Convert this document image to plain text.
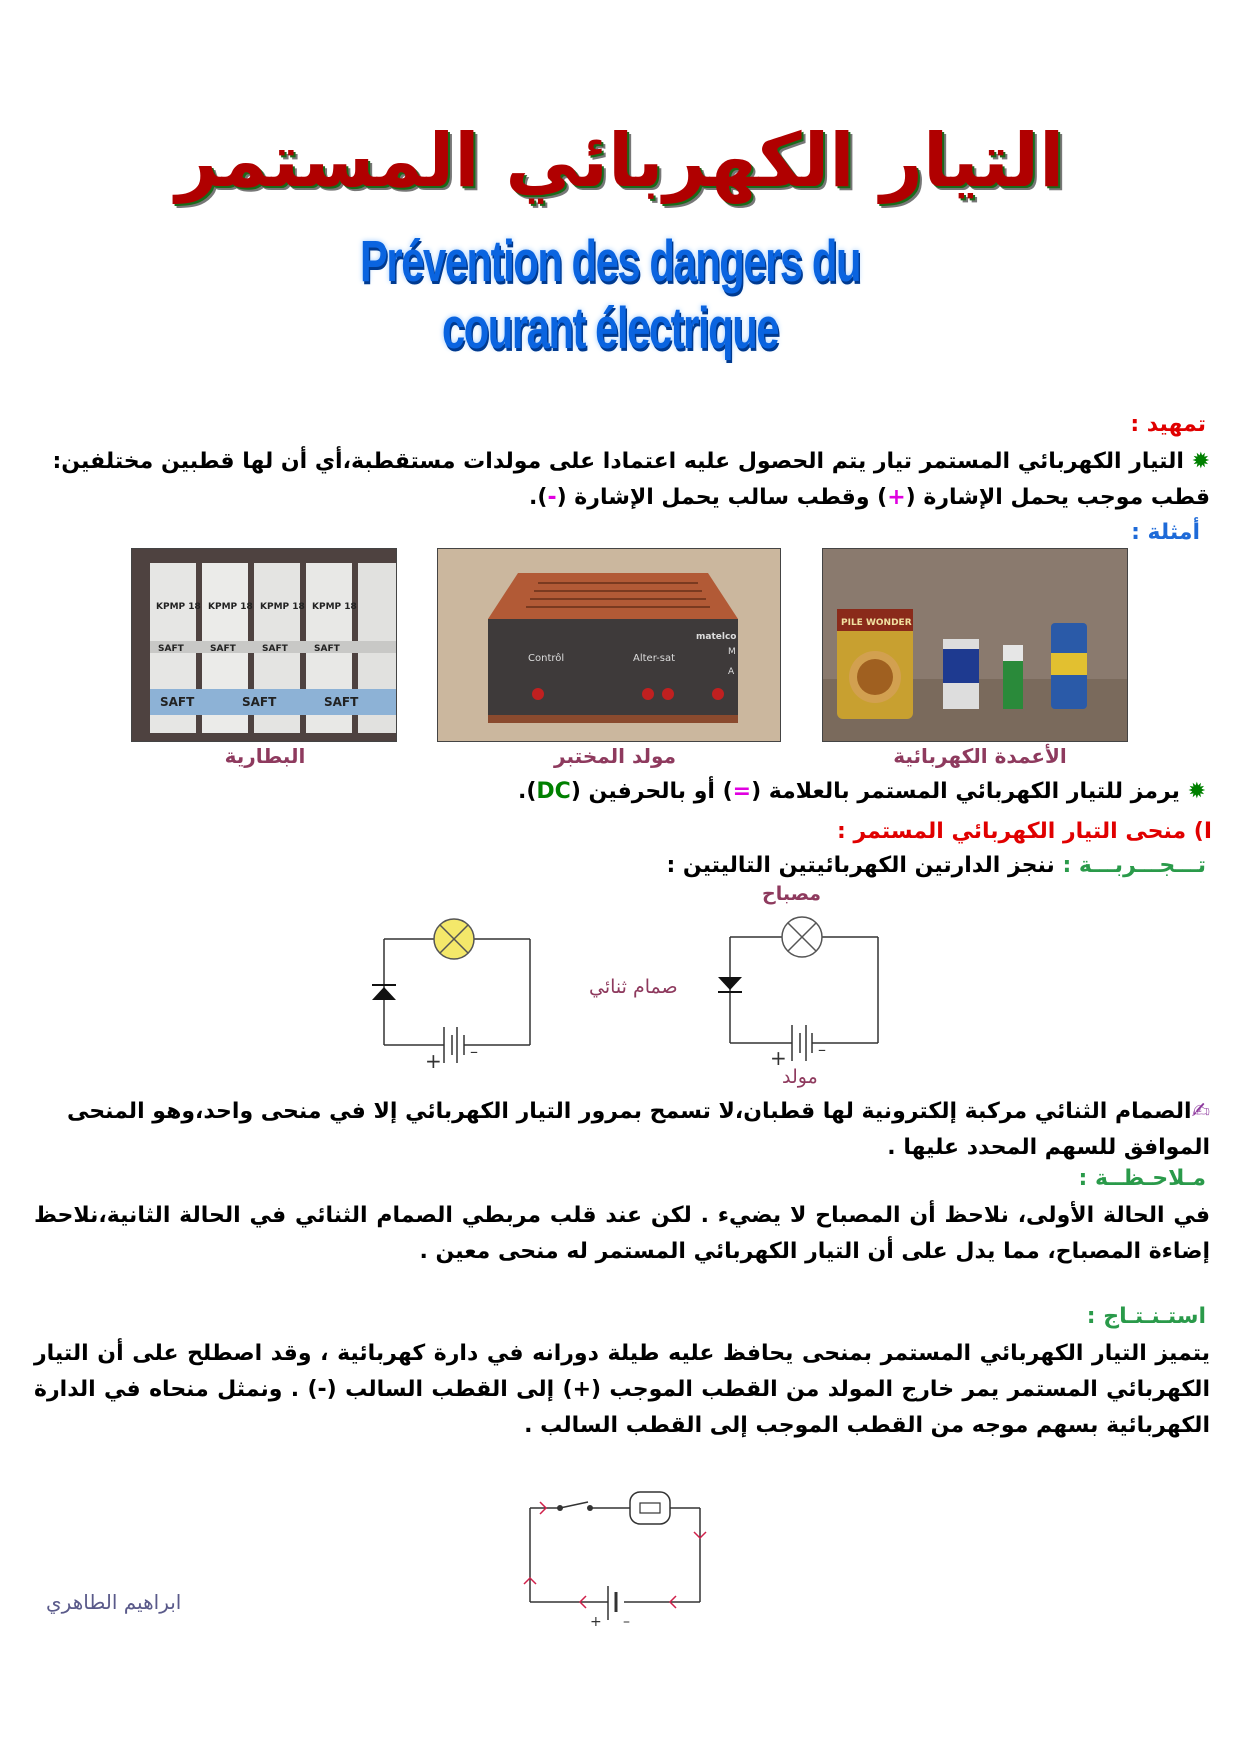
التيار الكهربائي المستمر
Prévention des dangers du courant électrique
تمهيد :
✹ التيار الكهربائي المستمر تيار يتم الحصول عليه اعتمادا على مولدات مستقطبة،أي أن لها قطبين مختلفين: قطب موجب يحمل الإشارة (+) وقطب سالب يحمل الإشارة (-).
أمثلة :
KPMP 18 KPMP 18 KPMP 18 KPMP 18
SAFT	SAFT	SAFT	SAFT
SAFT	SAFT	SAFT
Contrôl	Alter-sat
matelco
M
A
PILE WONDER
البطارية	مولد المختبر	الأعمدة الكهربائية
✹ يرمز للتيار الكهربائي المستمر بالعلامة (=) أو بالحرفين (DC).
I) منحى التيار الكهربائي المستمر :
تـــجـــربـــة : ننجز الدارتين الكهربائيتين التاليتين :
مصباح
صمام ثنائي
مولد
+ –	+ –
✍الصمام الثنائي مركبة إلكترونية لها قطبان،لا تسمح بمرور التيار الكهربائي إلا في منحى واحد،وهو المنحى الموافق للسهم المحدد عليها .
مـلاحـظــة :
في الحالة الأولى، نلاحظ أن المصباح لا يضيء . لكن عند قلب مربطي الصمام الثنائي في الحالة الثانية،نلاحظ إضاءة المصباح، مما يدل على أن التيار الكهربائي المستمر له منحى معين .
استـنـتـاج :
يتميز التيار الكهربائي المستمر بمنحى يحافظ عليه طيلة دورانه في دارة كهربائية ، وقد اصطلح على أن التيار الكهربائي المستمر يمر خارج المولد من القطب الموجب (+) إلى القطب السالب (-) . ونمثل منحاه في الدارة الكهربائية بسهم موجه من القطب الموجب إلى القطب السالب .
ابراهيم الطاهري
+ –
